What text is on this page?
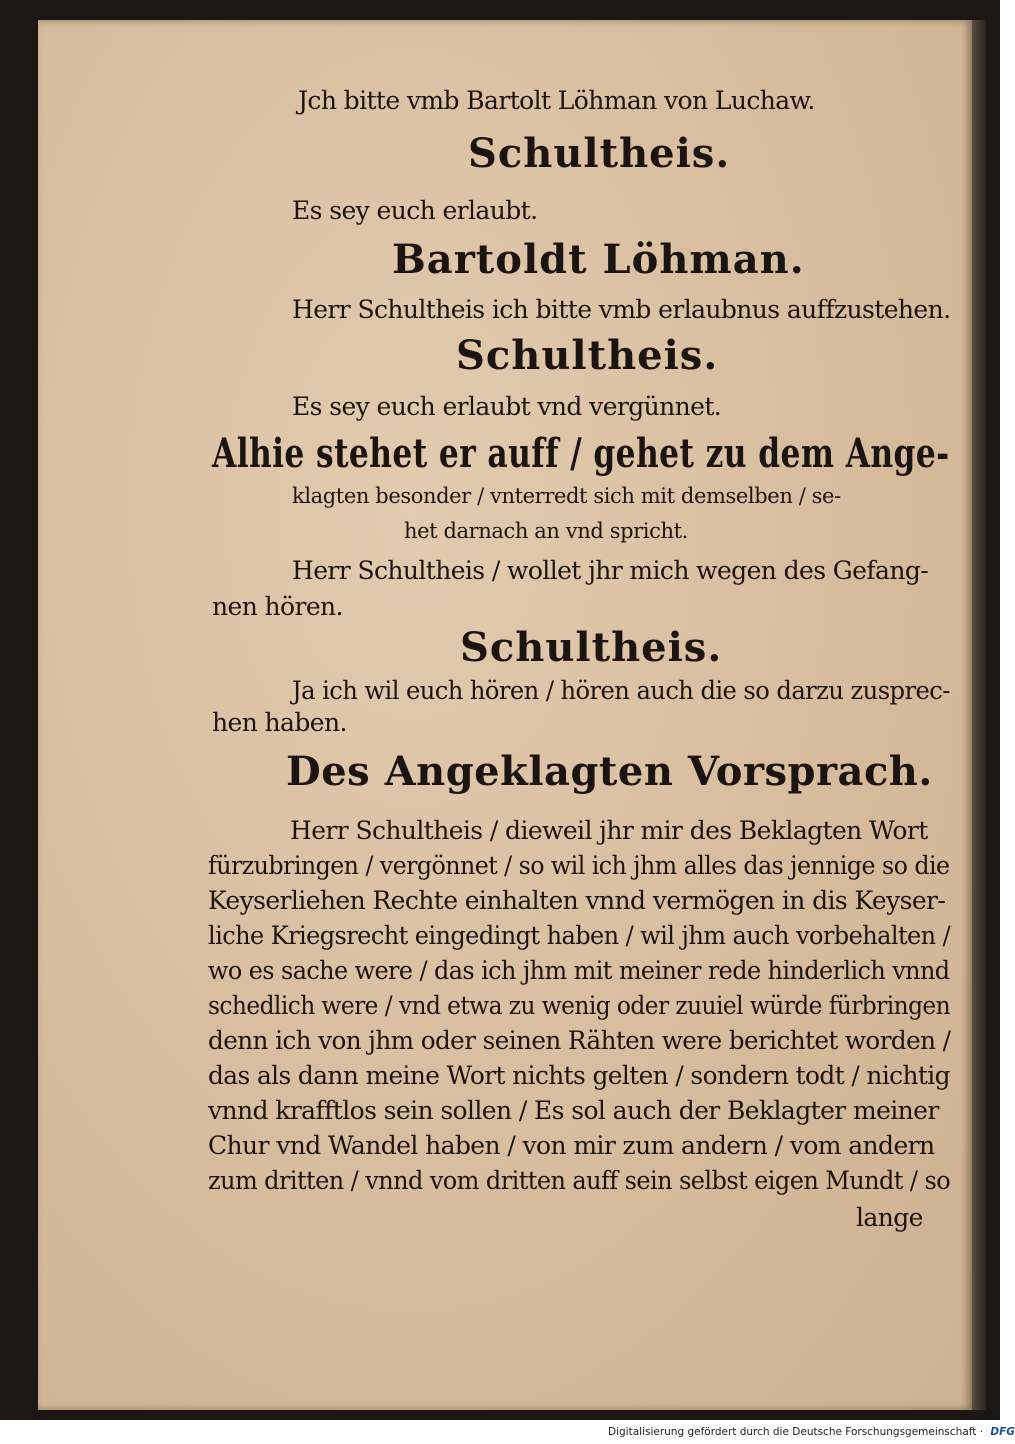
Jch bitte vmb Bartolt Löhman von Luchaw.
Schultheis.
Es sey euch erlaubt.
Bartoldt Löhman.
Herr Schultheis ich bitte vmb erlaubnus auffzustehen.
Schultheis.
Es sey euch erlaubt vnd vergünnet.
Alhie stehet er auff / gehet zu dem Ange-
klagten besonder / vnterredt sich mit demselben / se-
het darnach an vnd spricht.
Herr Schultheis / wollet jhr mich wegen des Gefang-
nen hören.
Schultheis.
Ja ich wil euch hören / hören auch die so darzu zusprec-
hen haben.
Des Angeklagten Vorsprach.
Herr Schultheis / dieweil jhr mir des Beklagten Wort
fürzubringen / vergönnet / so wil ich jhm alles das jennige so die
Keyserliehen Rechte einhalten vnnd vermögen in dis Keyser-
liche Kriegsrecht eingedingt haben / wil jhm auch vorbehalten /
wo es sache were / das ich jhm mit meiner rede hinderlich vnnd
schedlich were / vnd etwa zu wenig oder zuuiel würde fürbringen
denn ich von jhm oder seinen Rähten were berichtet worden /
das als dann meine Wort nichts gelten / sondern todt / nichtig
vnnd krafftlos sein sollen / Es sol auch der Beklagter meiner
Chur vnd Wandel haben / von mir zum andern / vom andern
zum dritten / vnnd vom dritten auff sein selbst eigen Mundt / so
lange
Digitalisierung gefördert durch die Deutsche Forschungsgemeinschaft · DFG
